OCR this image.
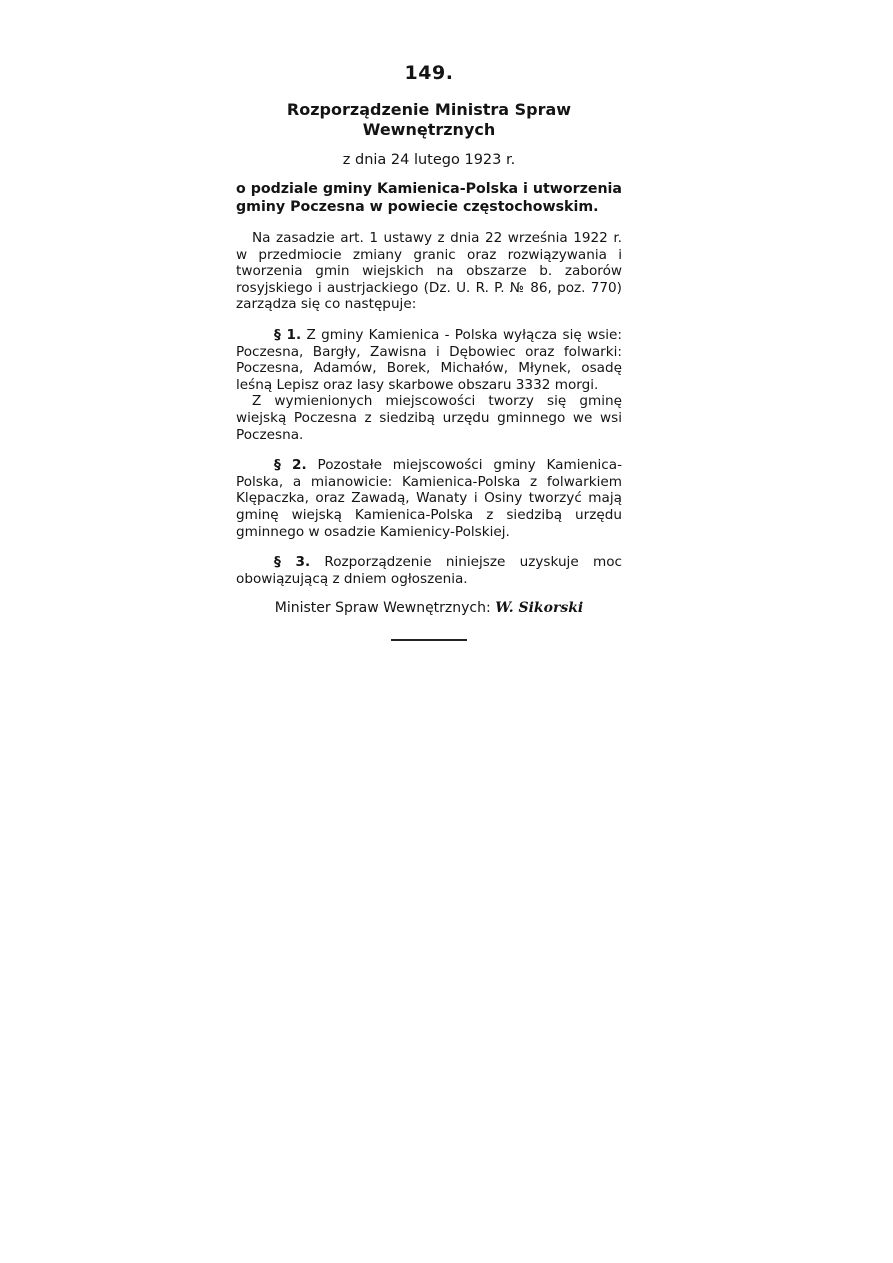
149.
Rozporządzenie Ministra Spraw
Wewnętrznych
z dnia 24 lutego 1923 r.
o podziale gminy Kamienica-Polska i utworzenia gminy Poczesna w powiecie częstochowskim.

Na zasadzie art. 1 ustawy z dnia 22 września 1922 r. w przedmiocie zmiany granic oraz rozwiązywania i tworzenia gmin wiejskich na obszarze b. zaborów rosyjskiego i austrjackiego (Dz. U. R. P. № 86, poz. 770) zarządza się co następuje:

§ 1. Z gminy Kamienica - Polska wyłącza się wsie: Poczesna, Bargły, Zawisna i Dębowiec oraz folwarki: Poczesna, Adamów, Borek, Michałów, Młynek, osadę leśną Lepisz oraz lasy skarbowe obszaru 3332 morgi.

Z wymienionych miejscowości tworzy się gminę wiejską Poczesna z siedzibą urzędu gminnego we wsi Poczesna.

§ 2. Pozostałe miejscowości gminy Kamienica-Polska, a mianowicie: Kamienica-Polska z folwarkiem Klępaczka, oraz Zawadą, Wanaty i Osiny tworzyć mają gminę wiejską Kamienica-Polska z siedzibą urzędu gminnego w osadzie Kamienicy-Polskiej.

§ 3. Rozporządzenie niniejsze uzyskuje moc obowiązującą z dniem ogłoszenia.

Minister Spraw Wewnętrznych: W. Sikorski
